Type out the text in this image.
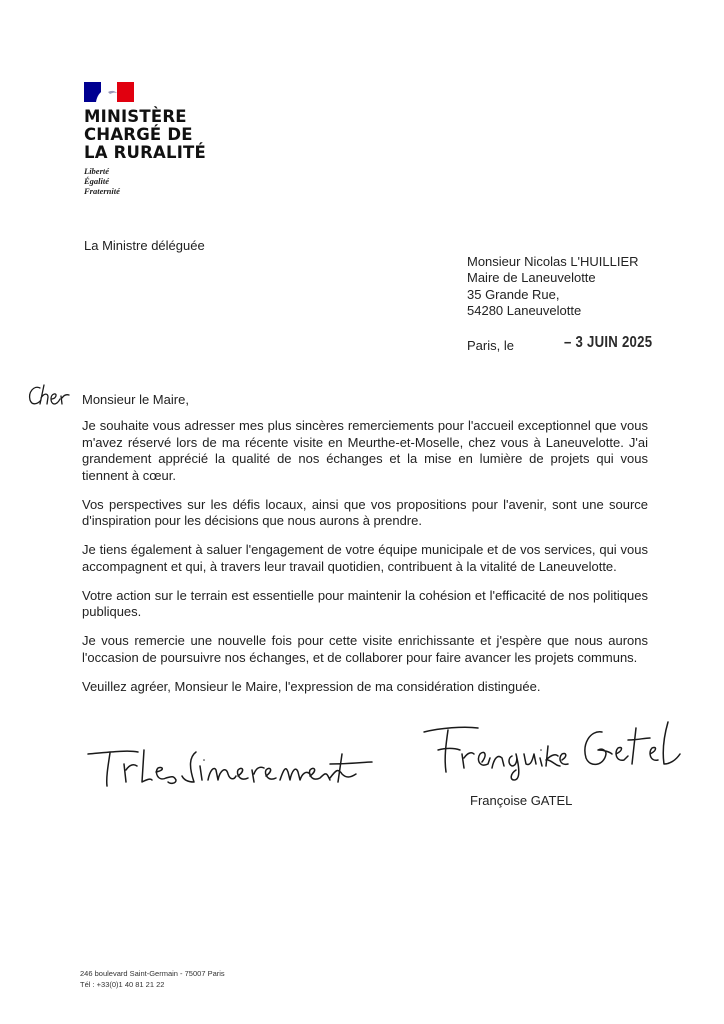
MINISTÈRE
CHARGÉ DE
LA RURALITÉ
Liberté
Égalité
Fraternité
La Ministre déléguée
Monsieur Nicolas L'HUILLIER
Maire de Laneuvelotte
35 Grande Rue,
54280 Laneuvelotte
Paris, le	– 3 JUIN 2025
Monsieur le Maire,

Je souhaite vous adresser mes plus sincères remerciements pour l'accueil exceptionnel que vous m'avez réservé lors de ma récente visite en Meurthe-et-Moselle, chez vous à Laneuvelotte. J'ai grandement apprécié la qualité de nos échanges et la mise en lumière de projets qui vous tiennent à cœur.

Vos perspectives sur les défis locaux, ainsi que vos propositions pour l'avenir, sont une source d'inspiration pour les décisions que nous aurons à prendre.

Je tiens également à saluer l'engagement de votre équipe municipale et de vos services, qui vous accompagnent et qui, à travers leur travail quotidien, contribuent à la vitalité de Laneuvelotte.

Votre action sur le terrain est essentielle pour maintenir la cohésion et l'efficacité de nos politiques publiques.

Je vous remercie une nouvelle fois pour cette visite enrichissante et j'espère que nous aurons l'occasion de poursuivre nos échanges, et de collaborer pour faire avancer les projets communs.

Veuillez agréer, Monsieur le Maire, l'expression de ma considération distinguée.

Françoise GATEL
246 boulevard Saint-Germain - 75007 Paris
Tél : +33(0)1 40 81 21 22
